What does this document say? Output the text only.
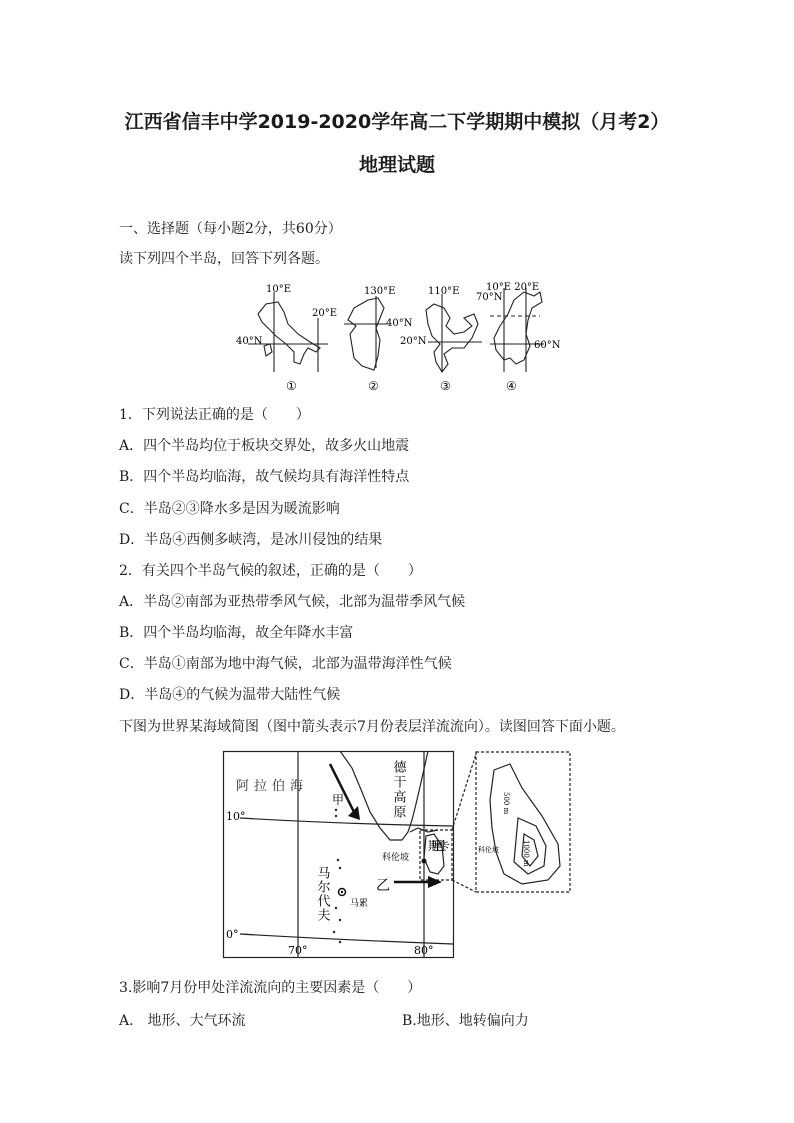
江西省信丰中学2019-2020学年高二下学期期中模拟（月考2）
地理试题
一、选择题（每小题2分，共60分）
读下列四个半岛，回答下列各题。
10°E
20°E
40°N
①
130°E
40°N
②
110°E
20°N
③
10°E 20°E
70°N
60°N
④
1．下列说法正确的是（　　）
A．四个半岛均位于板块交界处，故多火山地震
B．四个半岛均临海，故气候均具有海洋性特点
C．半岛②③降水多是因为暖流影响
D．半岛④西侧多峡湾，是冰川侵蚀的结果
2．有关四个半岛气候的叙述，正确的是（　　）
A．半岛②南部为亚热带季风气候，北部为温带季风气候
B．四个半岛均临海，故全年降水丰富
C．半岛①南部为地中海气候，北部为温带海洋性气候
D．半岛④的气候为温带大陆性气候
下图为世界某海域简图（图中箭头表示7月份表层洋流流向）。读图回答下面小题。
阿拉伯海
甲
乙
德干高原
斯里兰卡
科伦坡
马尔代夫 马累
10°
0°
70°	80°
500 m
1000 m
科伦坡
3.影响7月份甲处洋流流向的主要因素是（　　）
A.　地形、大气环流	B.地形、地转偏向力
